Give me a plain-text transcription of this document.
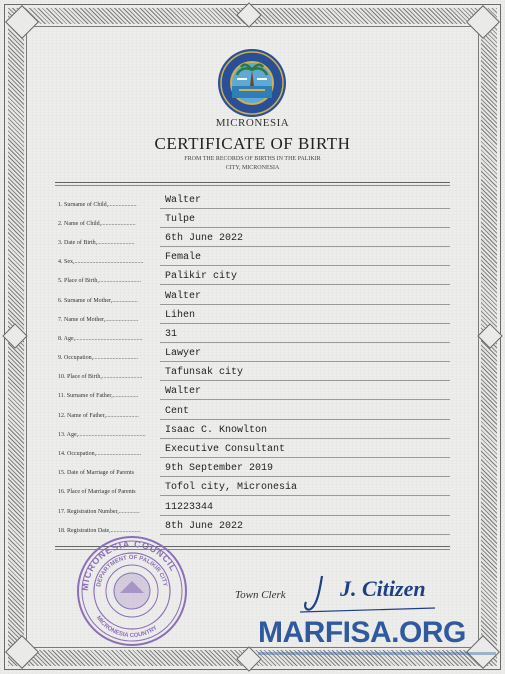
MICRONESIA
CERTIFICATE OF BIRTH
FROM THE RECORDS OF BIRTHS IN THE PALIKIR
CITY, MICRONESIA
1. Surname of Child,...................	Walter
2. Name of Child,.......................	Tulpe
3. Date of Birth,.........................	6th June 2022
4. Sex,.............................................. Female
5. Place of Birth,............................ Palikir city
6. Surname of Mother,.................	Walter
7. Name of Mother,......................	Lihen
8. Age,............................................. 31
9. Occupation,..............................	Lawyer
10. Place of Birth,........................... Tafunsak city
11. Surname of Father,.................	Walter
12. Name of Father,......................	Cent
13. Age,............................................. Isaac C. Knowlton
14. Occupation,.............................. Executive Consultant
15. Date of Marriage of Parents	9th September 2019
16. Place of Marriage of Parents	Tofol city, Micronesia
17. Registration Number,..............	11223344
18. Registration Date,.................... 8th June 2022
MICRONESIA COUNCIL
DEPARTMENT OF PALIKIR CITY
MICRONESIA COUNTRY
Town Clerk J. Citizen
MARFISA.ORG
